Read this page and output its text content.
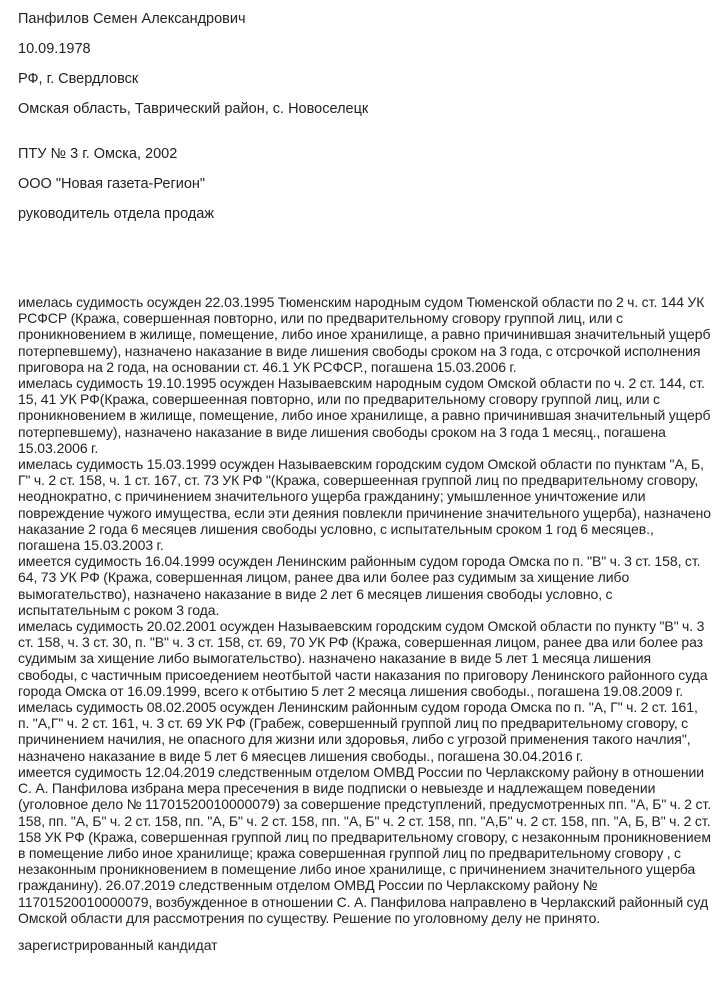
Панфилов Семен Александрович

10.09.1978

РФ, г. Свердловск

Омская область, Таврический район, с. Новоселецк

ПТУ № 3 г. Омска, 2002

ООО "Новая газета-Регион"

руководитель отдела продаж

имелась судимость осужден 22.03.1995 Тюменским народным судом Тюменской области по 2 ч. ст. 144 УК РСФСР (Кража, совершенная повторно, или по предварительному сговору группой лиц, или с проникновением в жилище, помещение, либо иное хранилище, а равно причинившая значительный ущерб потерпевшему), назначено наказание в виде лишения свободы сроком на 3 года, с отсрочкой исполнения приговора на 2 года, на основании ст. 46.1 УК РСФСР., погашена 15.03.2006 г.

имелась судимость 19.10.1995 осужден Называевским народным судом Омской области по ч. 2 ст. 144, ст. 15, 41 УК РФ(Кража, совершеенная повторно, или по предварительному сговору группой лиц, или с проникновением в жилище, помещение, либо иное хранилище, а равно причинившая значительный ущерб потерпевшему), назначено наказание в виде лишения свободы сроком на 3 года 1 месяц., погашена 15.03.2006 г.

имелась судимость 15.03.1999 осужден Называевским городским судом Омской области по пунктам "А, Б, Г" ч. 2 ст. 158, ч. 1 ст. 167, ст. 73 УК РФ "(Кража, совершеенная группой лиц по предварительному сговору, неоднократно, с причинением значительного ущерба гражданину; умышленное уничтожение или повреждение чужого имущества, если эти деяния повлекли причинение значительного ущерба), назначено наказание 2 года 6 месяцев лишения свободы условно, с испытательным сроком 1 год 6 месяцев., погашена 15.03.2003 г.

имеется судимость 16.04.1999 осужден Ленинским районным судом города Омска по п. "В" ч. 3 ст. 158, ст. 64, 73 УК РФ (Кража, совершенная лицом, ранее два или более раз судимым за хищение либо вымогательство), назначено наказание в виде 2 лет 6 месяцев лишения свободы условно, с испытательным с роком 3 года.

имелась судимость 20.02.2001 осужден Называевским городским судом Омской области по пункту "В" ч. 3 ст. 158, ч. 3 ст. 30, п. "В" ч. 3 ст. 158, ст. 69, 70 УК РФ (Кража, совершенная лицом, ранее два или более раз судимым за хищение либо вымогательство). назначено наказание в виде 5 лет 1 месяца лишения свободы, с частичным присоедением неотбытой части наказания по приговору Ленинского районного суда города Омска от 16.09.1999, всего к отбытию 5 лет 2 месяца лишения свободы., погашена 19.08.2009 г.

имелась судимость 08.02.2005 осужден Ленинским районным судом города Омска по п. "А, Г" ч. 2 ст. 161, п. "А,Г" ч. 2 ст. 161, ч. 3 ст. 69 УК РФ (Грабеж, совершенный группой лиц по предварительному сговору, с причинением начилия, не опасного для жизни или здоровья, либо с угрозой применения такого начлия", назначено наказание в виде 5 лет 6 мяесцев лишения свободы., погашена 30.04.2016 г.

имеется судимость 12.04.2019 следственным отделом ОМВД России по Черлакскому району в отношении С. А. Панфилова избрана мера пресечения в виде подписки о невыезде и надлежащем поведении (уголовное дело № 11701520010000079) за совершение предступлений, предусмотренных пп. "А, Б" ч. 2 ст. 158, пп. "А, Б" ч. 2 ст. 158, пп. "А, Б" ч. 2 ст. 158, пп. "А, Б" ч. 2 ст. 158, пп. "А,Б" ч. 2 ст. 158, пп. "А, Б, В" ч. 2 ст. 158 УК РФ (Кража, совершенная группой лиц по предварительному сговору, с незаконным проникновением в помещение либо иное хранилище; кража совершенная группой лиц по предварительному сговору , с незаконным проникновением в помещение либо иное хранилище, с причинением значительного ущерба гражданину). 26.07.2019 следственным отделом ОМВД России по Черлакскому району № 11701520010000079, возбужденное в отношении С. А. Панфилова направлено в Черлакский районный суд Омской области для рассмотрения по существу. Решение по уголовному делу не принято.

зарегистрированный кандидат
